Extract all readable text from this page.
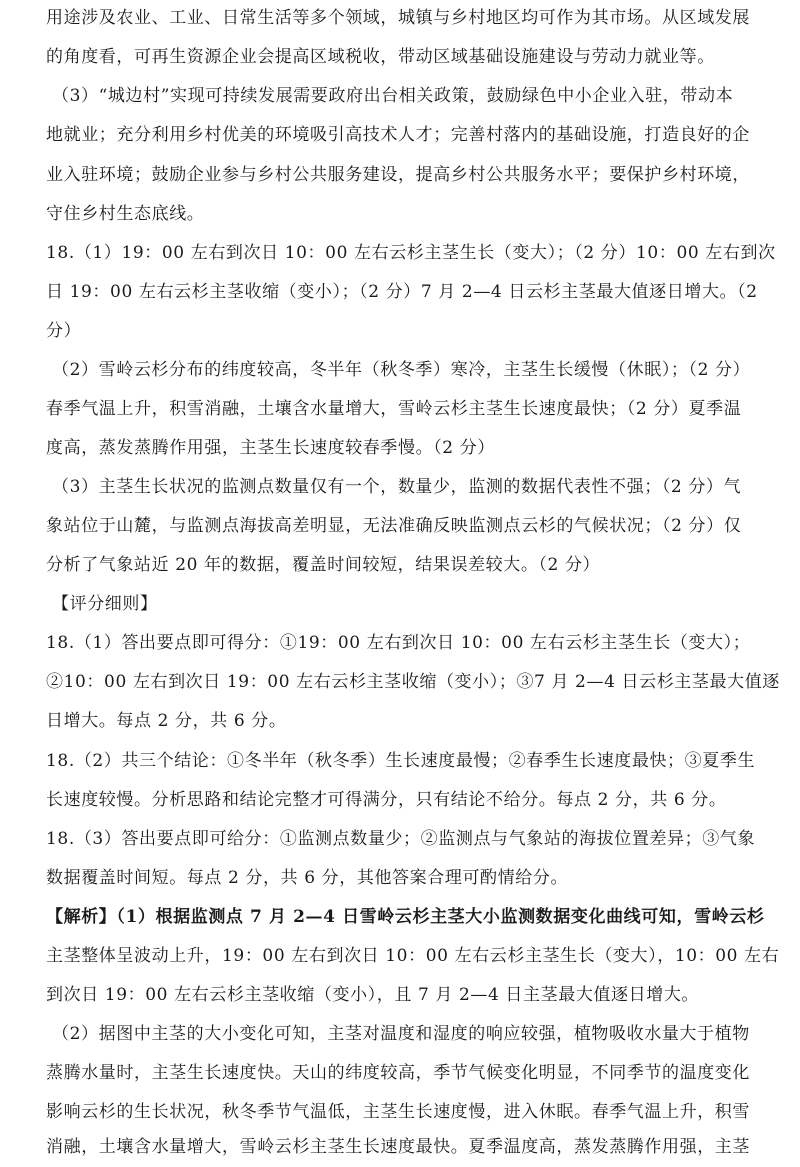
用途涉及农业、工业、日常生活等多个领域，城镇与乡村地区均可作为其市场。从区域发展
的角度看，可再生资源企业会提高区域税收，带动区域基础设施建设与劳动力就业等。
（3）“城边村”实现可持续发展需要政府出台相关政策，鼓励绿色中小企业入驻，带动本
地就业；充分利用乡村优美的环境吸引高技术人才；完善村落内的基础设施，打造良好的企
业入驻环境；鼓励企业参与乡村公共服务建设，提高乡村公共服务水平；要保护乡村环境，
守住乡村生态底线。
18.（1）19：00 左右到次日 10：00 左右云杉主茎生长（变大）；（2 分）10：00 左右到次
日 19：00 左右云杉主茎收缩（变小）；（2 分）7 月 2—4 日云杉主茎最大值逐日增大。（2
分）
（2）雪岭云杉分布的纬度较高，冬半年（秋冬季）寒冷，主茎生长缓慢（休眠）；（2 分）
春季气温上升，积雪消融，土壤含水量增大，雪岭云杉主茎生长速度最快；（2 分）夏季温
度高，蒸发蒸腾作用强，主茎生长速度较春季慢。（2 分）
（3）主茎生长状况的监测点数量仅有一个，数量少，监测的数据代表性不强；（2 分）气
象站位于山麓，与监测点海拔高差明显，无法准确反映监测点云杉的气候状况；（2 分）仅
分析了气象站近 20 年的数据，覆盖时间较短，结果误差较大。（2 分）
【评分细则】
18.（1）答出要点即可得分：①19：00 左右到次日 10：00 左右云杉主茎生长（变大）；
②10：00 左右到次日 19：00 左右云杉主茎收缩（变小）；③7 月 2—4 日云杉主茎最大值逐
日增大。每点 2 分，共 6 分。
18.（2）共三个结论：①冬半年（秋冬季）生长速度最慢；②春季生长速度最快；③夏季生
长速度较慢。分析思路和结论完整才可得满分，只有结论不给分。每点 2 分，共 6 分。
18.（3）答出要点即可给分：①监测点数量少；②监测点与气象站的海拔位置差异；③气象
数据覆盖时间短。每点 2 分，共 6 分，其他答案合理可酌情给分。
【解析】（1）根据监测点 7 月 2—4 日雪岭云杉主茎大小监测数据变化曲线可知，雪岭云杉
主茎整体呈波动上升，19：00 左右到次日 10：00 左右云杉主茎生长（变大），10：00 左右
到次日 19：00 左右云杉主茎收缩（变小），且 7 月 2—4 日主茎最大值逐日增大。
（2）据图中主茎的大小变化可知，主茎对温度和湿度的响应较强，植物吸收水量大于植物
蒸腾水量时，主茎生长速度快。天山的纬度较高，季节气候变化明显，不同季节的温度变化
影响云杉的生长状况，秋冬季节气温低，主茎生长速度慢，进入休眠。春季气温上升，积雪
消融，土壤含水量增大，雪岭云杉主茎生长速度最快。夏季温度高，蒸发蒸腾作用强，主茎
